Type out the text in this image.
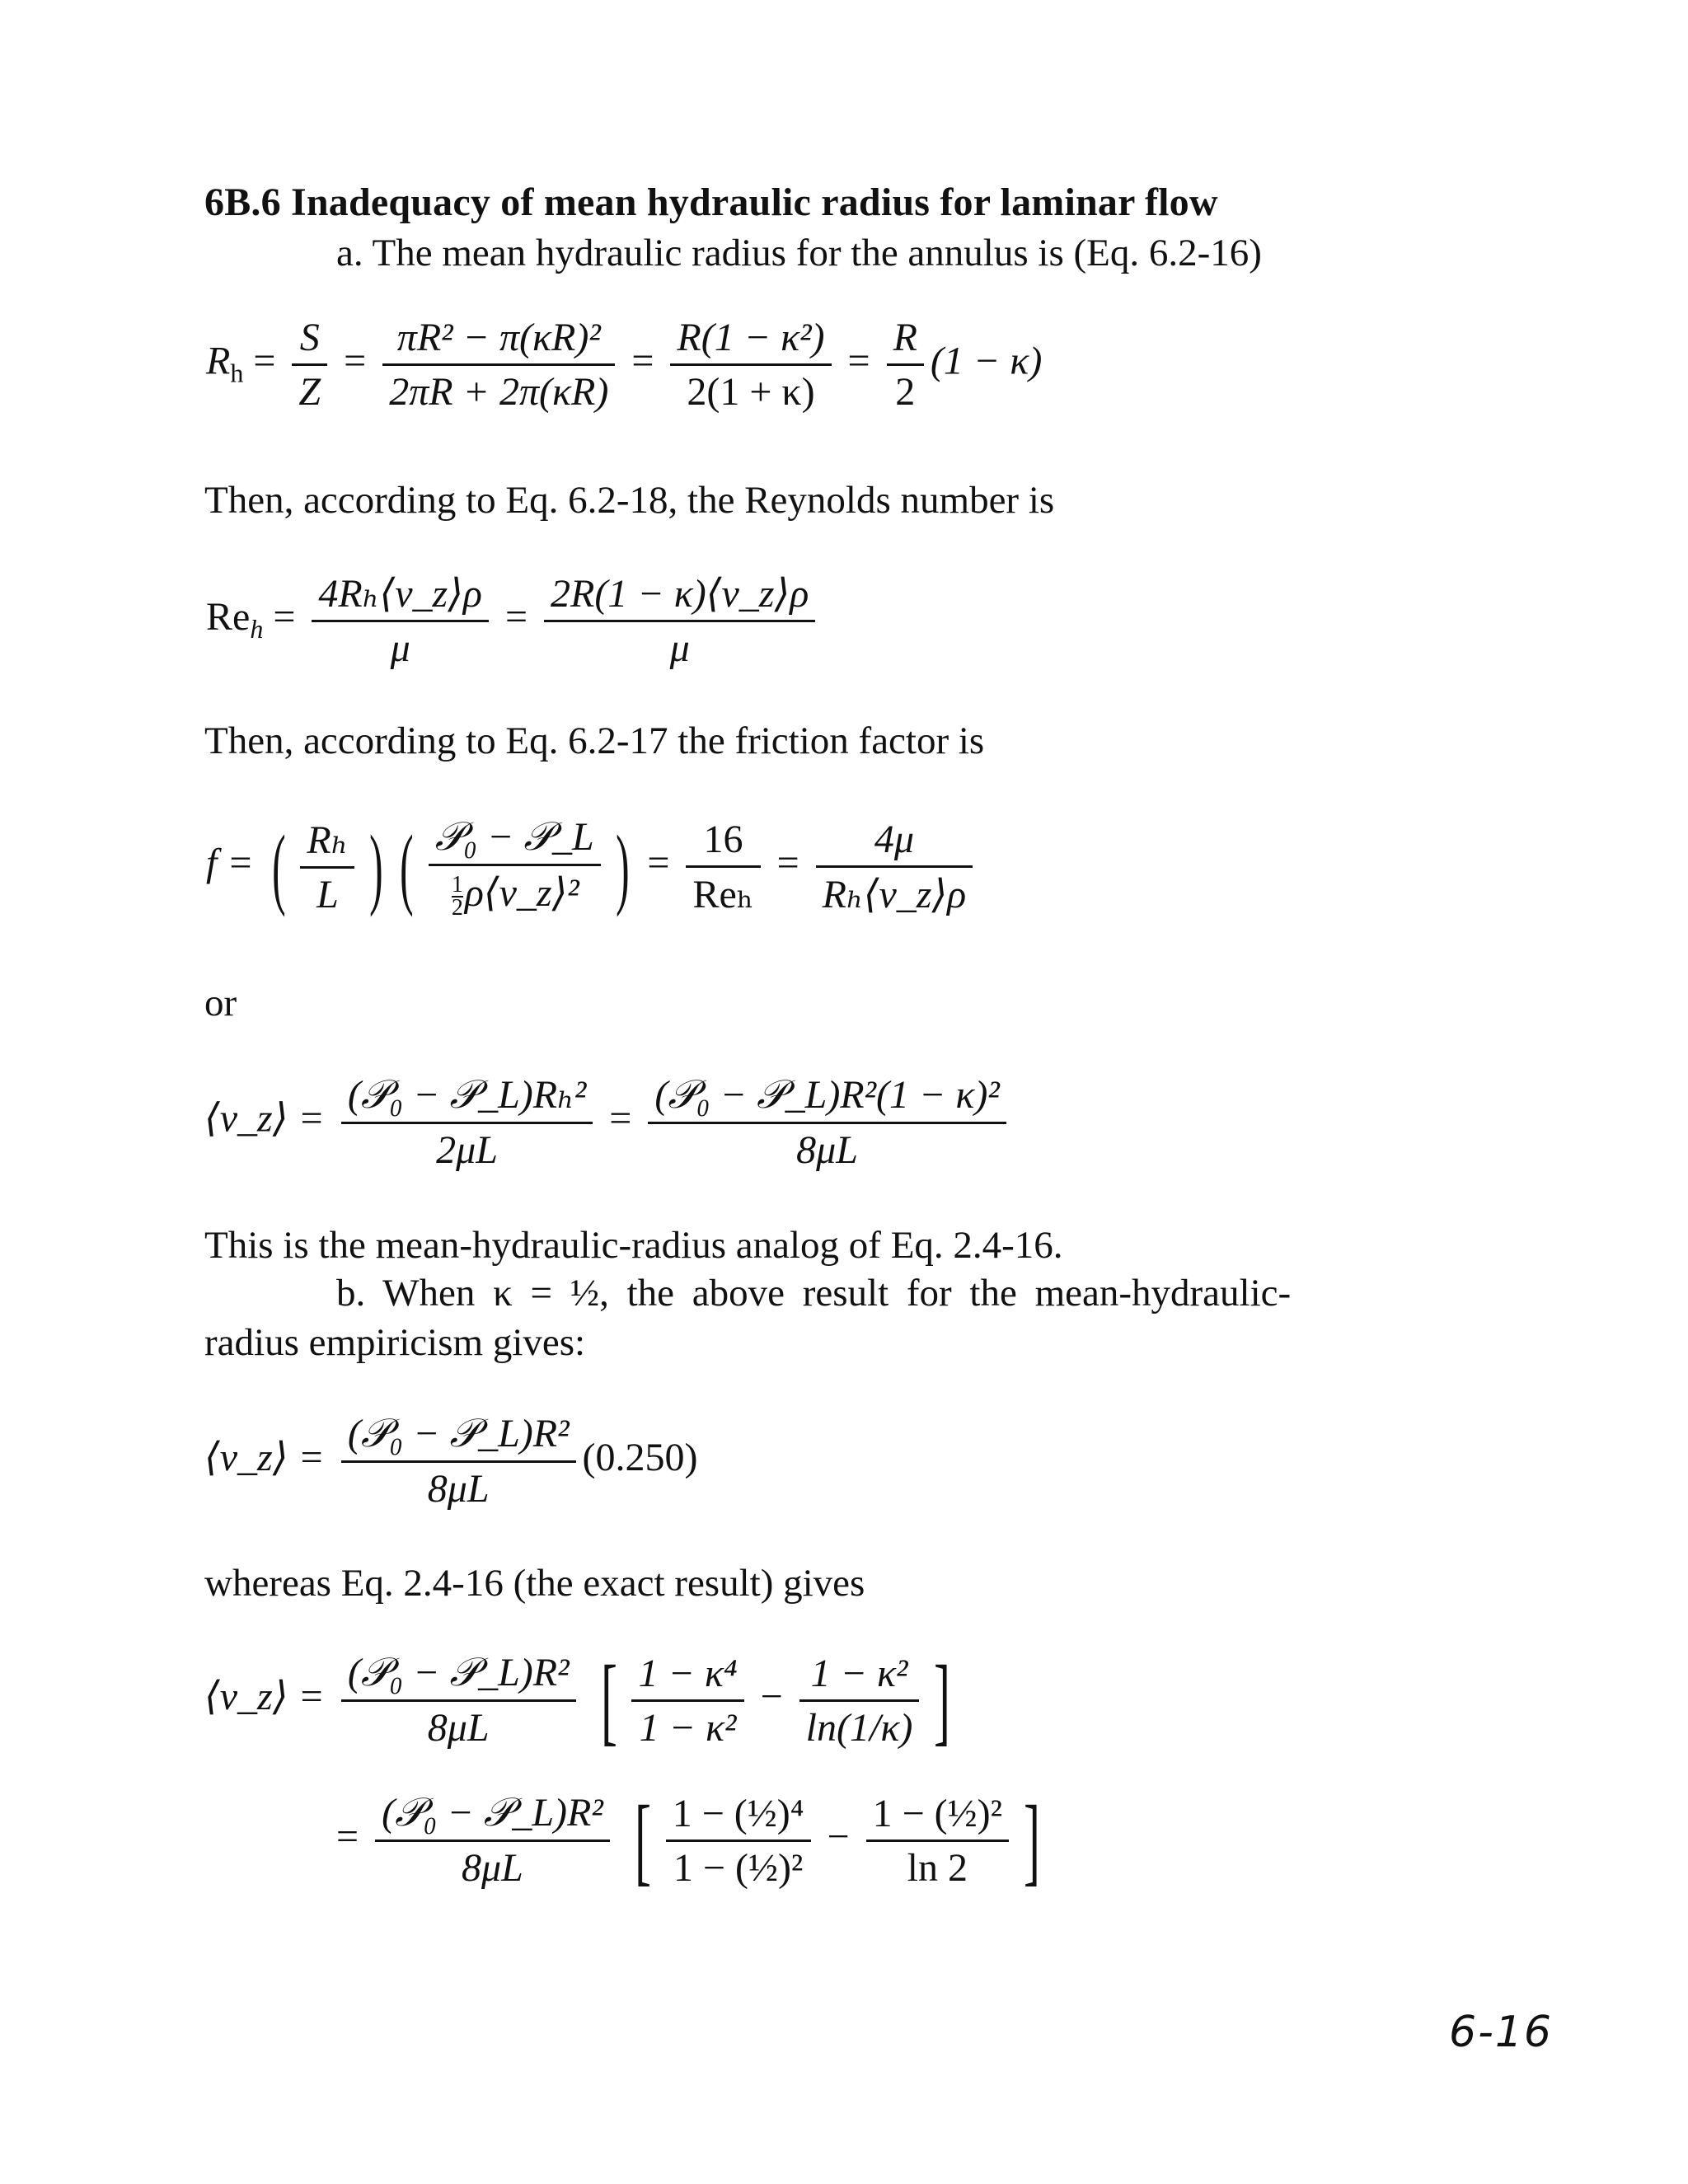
6B.6 Inadequacy of mean hydraulic radius for laminar flow
a. The mean hydraulic radius for the annulus is (Eq. 6.2-16)
$R_h = \frac{S}{Z} = \frac{\text{πR² − π(κR)²}}{2\pi R + 2\pi(\kappa R)} = \frac{\text{R(1 − κ²)}}{2(1 + \kappa)} = \frac{R}{2} (1 - \kappa)$
Then, according to Eq. 6.2-18, the Reynolds number is
$Re_h = \frac{\text{4Rₕ⟨v\_z⟩ρ}}{\mu} = \frac{2R(1 - \kappa)⟨v\_z⟩\rho}{\mu}$
Then, according to Eq. 6.2-17 the friction factor is
f = ( $\frac{\text{Rₕ}}{L}$ ) ( $\frac{\text{𝒫₀ − 𝒫\_L}}{\frac{1}{2} \rho⟨v\_z⟩^2}$ ) = $\frac{16}{\text{Reₕ}} = \frac{4\mu}{\text{Rₕ⟨v\_z⟩ρ}}$
or
⟨v_z⟩ = $\frac{\text{(𝒫₀ − 𝒫\_L)Rₕ²}}{2\mu L} = \frac{\text{(𝒫₀ − 𝒫\_L)R²(1 − κ)²}}{8\mu L}$
This is the mean-hydraulic-radius analog of Eq. 2.4-16.
b. When κ = ½, the above result for the mean-hydraulic-
radius empiricism gives:
⟨v_z⟩ = $\frac{\text{(𝒫₀ − 𝒫\_L)R²}}{8\mu L} (0.250)$
whereas Eq. 2.4-16 (the exact result) gives
⟨v_z⟩ = $\frac{\text{(𝒫₀ − 𝒫\_L)R²}}{8\mu L}$ [ $\frac{\text{1 − κ⁴}}{\text{1 − κ²}} - \frac{\text{1 − κ²}}{\ln(1/\kappa)}$ ]
= $\frac{\text{(𝒫₀ − 𝒫\_L)R²}}{8\mu L}$ [ $\frac{\text{1 − (½)⁴}}{\text{1 − (½)²}} - \frac{\text{1 − (½)²}}{\ln 2}$ ]
6-16
